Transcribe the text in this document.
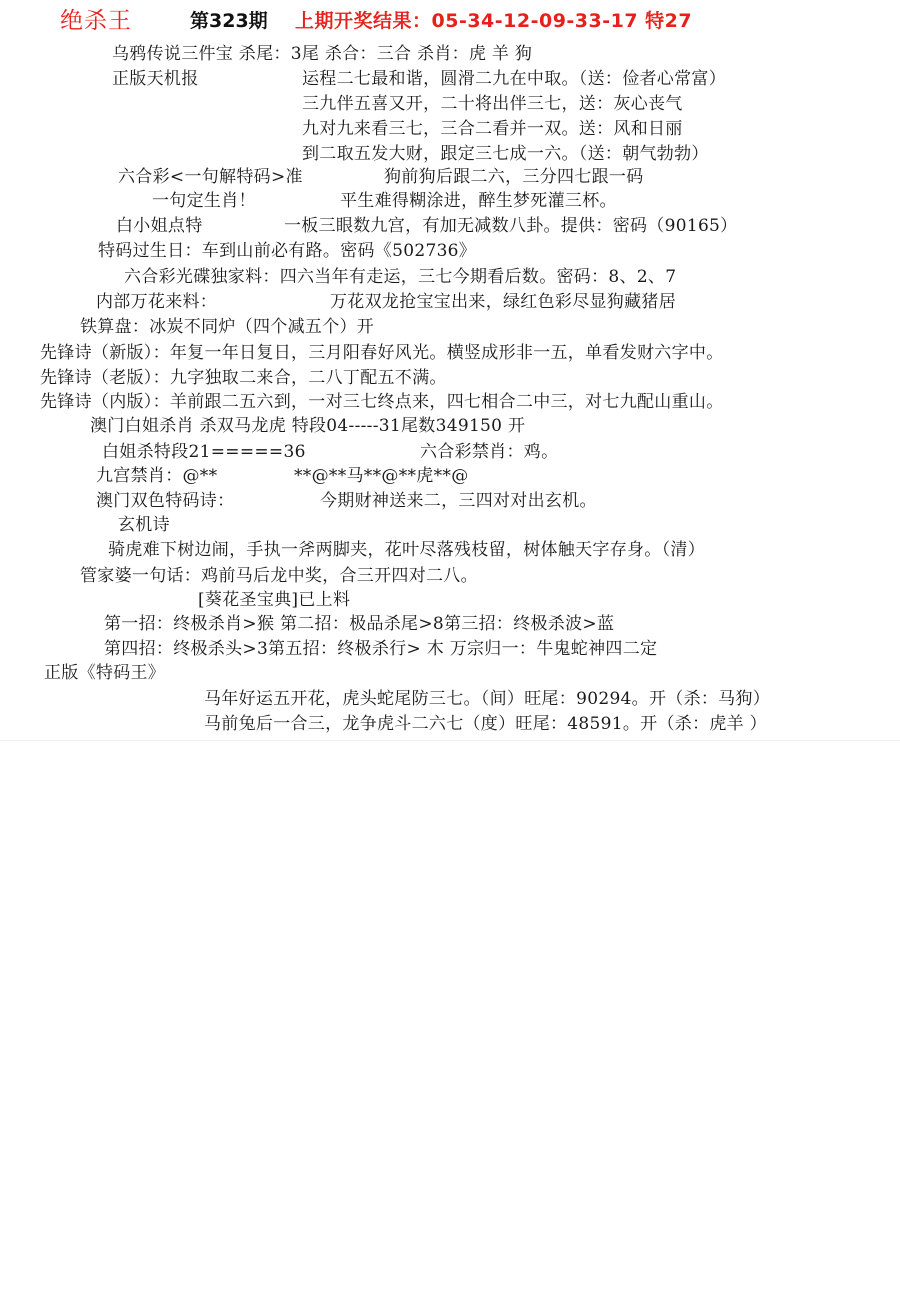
绝杀王	第323期 上期开奖结果：05-34-12-09-33-17 特27
乌鸦传说三件宝 杀尾：3尾 杀合：三合 杀肖：虎 羊 狗
正版天机报	运程二七最和谐，圆滑二九在中取。（送：俭者心常富）
三九伴五喜又开，二十将出伴三七，送：灰心丧气
九对九来看三七，三合二看并一双。送：风和日丽
到二取五发大财，跟定三七成一六。（送：朝气勃勃）
六合彩<一句解特码>准	狗前狗后跟二六，三分四七跟一码
一句定生肖！	平生难得糊涂进，醉生梦死灌三杯。
白小姐点特	一板三眼数九宫，有加无减数八卦。提供：密码（90165）
特码过生日：车到山前必有路。密码《502736》
六合彩光碟独家料：四六当年有走运，三七今期看后数。密码：8、2、7
内部万花来料：	万花双龙抢宝宝出来，绿红色彩尽显狗藏猪居
铁算盘：冰炭不同炉（四个减五个）开
先锋诗（新版）：年复一年日复日，三月阳春好风光。横竖成形非一五，单看发财六字中。
先锋诗（老版）：九字独取二来合，二八丁配五不满。
先锋诗（内版）：羊前跟二五六到，一对三七终点来，四七相合二中三，对七九配山重山。
澳门白姐杀肖 杀双马龙虎 特段04-----31尾数349150 开
白姐杀特段21=====36	六合彩禁肖：鸡。
九宫禁肖：@**	**@**马**@**虎**@
澳门双色特码诗：	今期财神送来二，三四对对出玄机。
玄机诗
骑虎难下树边闹，手执一斧两脚夹，花叶尽落残枝留，树体触天字存身。（清）
管家婆一句话：鸡前马后龙中奖，合三开四对二八。
[葵花圣宝典]已上料
第一招：终极杀肖>猴 第二招：极品杀尾>8第三招：终极杀波>蓝
第四招：终极杀头>3第五招：终极杀行> 木 万宗归一：牛鬼蛇神四二定
正版《特码王》
马年好运五开花，虎头蛇尾防三七。（间）旺尾：90294。开（杀：马狗）
马前兔后一合三，龙争虎斗二六七（度）旺尾：48591。开（杀：虎羊 ）
